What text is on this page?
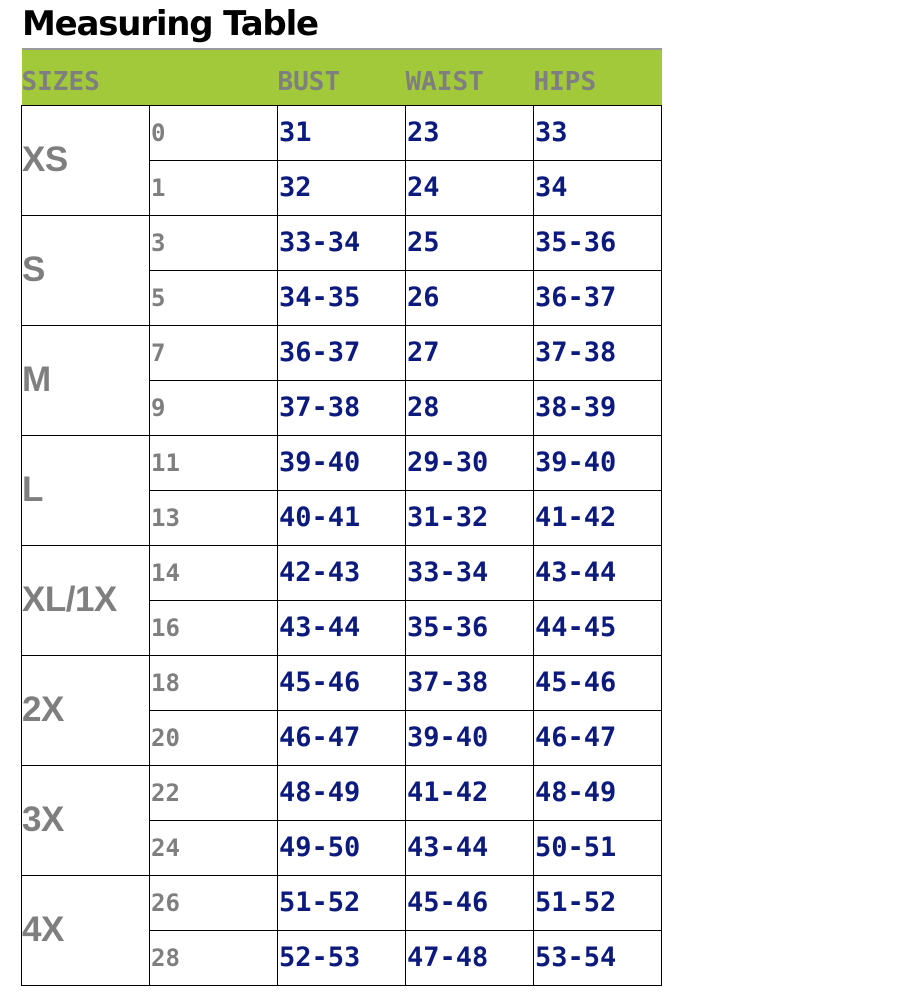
Measuring Table
SIZES		BUST	WAIST	HIPS
XS	0	31	23	33
	1	32	24	34
S	3	33-34	25	35-36
	5	34-35	26	36-37
M	7	36-37	27	37-38
	9	37-38	28	38-39
L	11	39-40	29-30	39-40
	13	40-41	31-32	41-42
XL/1X	14	42-43	33-34	43-44
	16	43-44	35-36	44-45
2X	18	45-46	37-38	45-46
	20	46-47	39-40	46-47
3X	22	48-49	41-42	48-49
	24	49-50	43-44	50-51
4X	26	51-52	45-46	51-52
	28	52-53	47-48	53-54
